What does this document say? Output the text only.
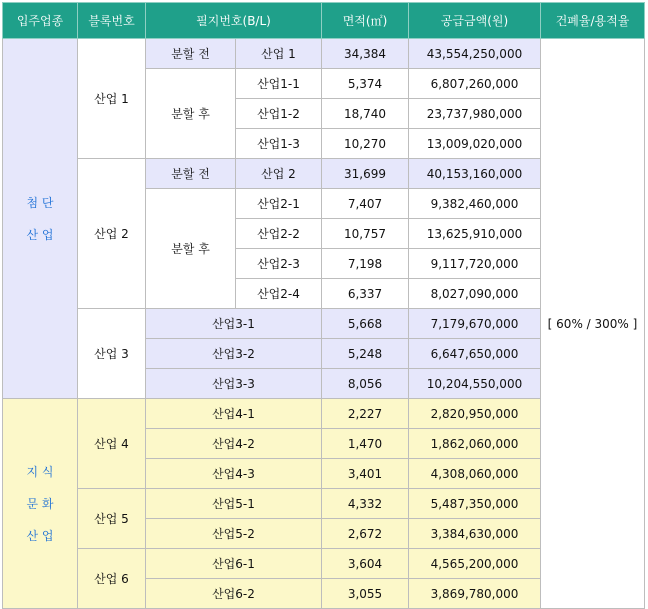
입주업종	블록번호	필지번호(B/L)		면적(㎡)	공급금액(원)	건폐율/용적율

첨 단
산 업	산업 1	분할 전	산업 1	34,384	43,554,250,000	[ 60% / 300% ]
		분할 후	산업1-1	5,374	6,807,260,000	
			산업1-2	18,740	23,737,980,000	
			산업1-3	10,270	13,009,020,000	
	산업 2	분할 전	산업 2	31,699	40,153,160,000	
		분할 후	산업2-1	7,407	9,382,460,000	
			산업2-2	10,757	13,625,910,000	
			산업2-3	7,198	9,117,720,000	
			산업2-4	6,337	8,027,090,000	
	산업 3	산업3-1		5,668	7,179,670,000	
		산업3-2		5,248	6,647,650,000	
		산업3-3		8,056	10,204,550,000	

지 식
문 화
산 업	산업 4	산업4-1		2,227	2,820,950,000	
		산업4-2		1,470	1,862,060,000	
		산업4-3		3,401	4,308,060,000	
	산업 5	산업5-1		4,332	5,487,350,000	
		산업5-2		2,672	3,384,630,000	
	산업 6	산업6-1		3,604	4,565,200,000	
		산업6-2		3,055	3,869,780,000	
